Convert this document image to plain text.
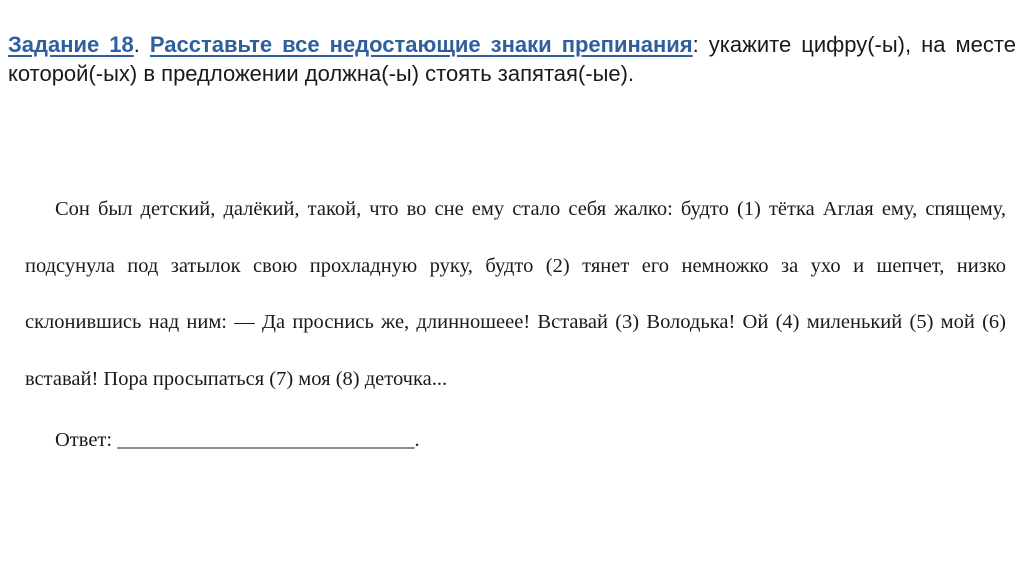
Задание 18. Расставьте все недостающие знаки препинания: укажите цифру(-ы), на месте которой(-ых) в предложении должна(-ы) стоять запятая(-ые).

Сон был детский, далёкий, такой, что во сне ему стало себя жалко: будто (1) тётка Аглая ему, спящему, подсунула под затылок свою прохладную руку, будто (2) тянет его немножко за ухо и шепчет, низко склонившись над ним: — Да проснись же, длинношеее! Вставай (3) Володька! Ой (4) миленький (5) мой (6) вставай! Пора просыпаться (7) моя (8) деточка...

Ответ: _____________________________.
